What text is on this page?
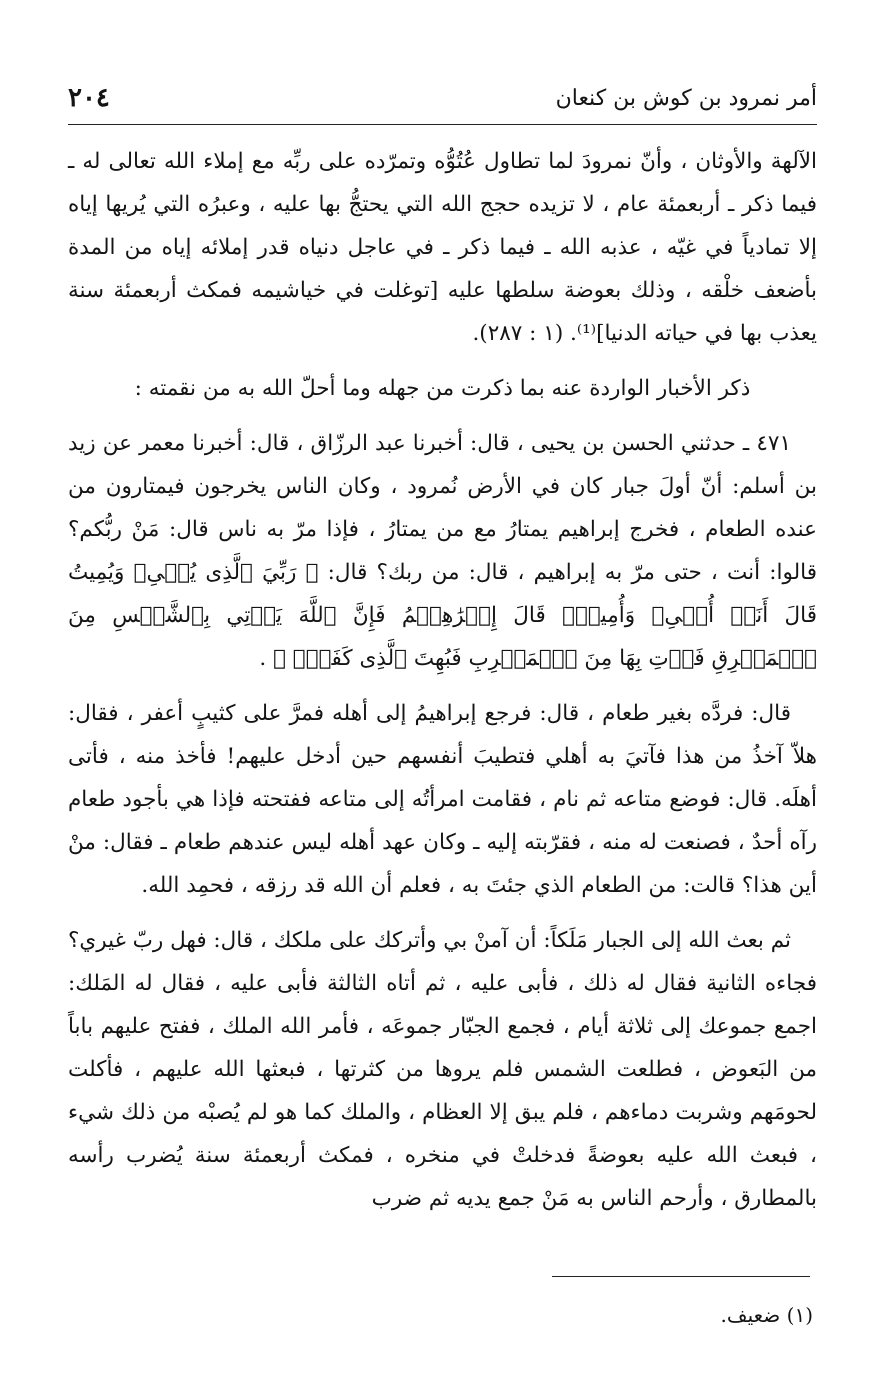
أمر نمرود بن كوش بن كنعان
٢٠٤

الآلهة والأوثان ، وأنّ نمرودَ لما تطاول عُتُوُّه وتمرّده على ربِّه مع إملاء الله تعالى له ـ فيما ذكر ـ أربعمئة عام ، لا تزيده حجج الله التي يحتجُّ بها عليه ، وعبرُه التي يُريها إياه إلا تمادياً في غيّه ، عذبه الله ـ فيما ذكر ـ في عاجل دنياه قدر إملائه إياه من المدة بأضعف خلْقه ، وذلك بعوضة سلطها عليه [توغلت في خياشيمه فمكث أربعمئة سنة يعذب بها في حياته الدنيا]⁽¹⁾. (١ : ٢٨٧).

ذكر الأخبار الواردة عنه بما ذكرت من جهله وما أحلّ الله به من نقمته :

٤٧١ ـ حدثني الحسن بن يحيى ، قال: أخبرنا عبد الرزّاق ، قال: أخبرنا معمر عن زيد بن أسلم: أنّ أولَ جبار كان في الأرض نُمرود ، وكان الناس يخرجون فيمتارون من عنده الطعام ، فخرج إبراهيم يمتارُ مع من يمتارُ ، فإذا مرّ به ناس قال: مَنْ ربُّكم؟ قالوا: أنت ، حتى مرّ به إبراهيم ، قال: من ربك؟ قال: ﴿ رَبِّيَ ٱلَّذِى يُحۡىِۦ وَيُمِيتُ قَالَ أَنَا۠ أُحۡىِۦ وَأُمِيتُۖ قَالَ إِبۡرَٰهِـۧمُ فَإِنَّ ٱللَّهَ يَأۡتِي بِٱلشَّمۡسِ مِنَ ٱلۡمَشۡرِقِ فَأۡتِ بِهَا مِنَ ٱلۡمَغۡرِبِ فَبُهِتَ ٱلَّذِى كَفَرَۗ ﴾ .

قال: فردَّه بغير طعام ، قال: فرجع إبراهيمُ إلى أهله فمرَّ على كثيبٍ أعفر ، فقال: هلاّ آخذُ من هذا فآتيَ به أهلي فتطيبَ أنفسهم حين أدخل عليهم! فأخذ منه ، فأتى أهلَه. قال: فوضع متاعه ثم نام ، فقامت امرأتُه إلى متاعه ففتحته فإذا هي بأجود طعام رآه أحدٌ ، فصنعت له منه ، فقرّبته إليه ـ وكان عهد أهله ليس عندهم طعام ـ فقال: منْ أين هذا؟ قالت: من الطعام الذي جئتَ به ، فعلم أن الله قد رزقه ، فحمِد الله.

ثم بعث الله إلى الجبار مَلَكاً: أن آمنْ بي وأتركك على ملكك ، قال: فهل ربّ غيري؟ فجاءه الثانية فقال له ذلك ، فأبى عليه ، ثم أتاه الثالثة فأبى عليه ، فقال له المَلك: اجمع جموعك إلى ثلاثة أيام ، فجمع الجبّار جموعَه ، فأمر الله الملك ، ففتح عليهم باباً من البَعوض ، فطلعت الشمس فلم يروها من كثرتها ، فبعثها الله عليهم ، فأكلت لحومَهم وشربت دماءهم ، فلم يبق إلا العظام ، والملك كما هو لم يُصبْه من ذلك شيء ، فبعث الله عليه بعوضةً فدخلتْ في منخره ، فمكث أربعمئة سنة يُضرب رأسه بالمطارق ، وأرحم الناس به مَنْ جمع يديه ثم ضرب

(١) ضعيف.
